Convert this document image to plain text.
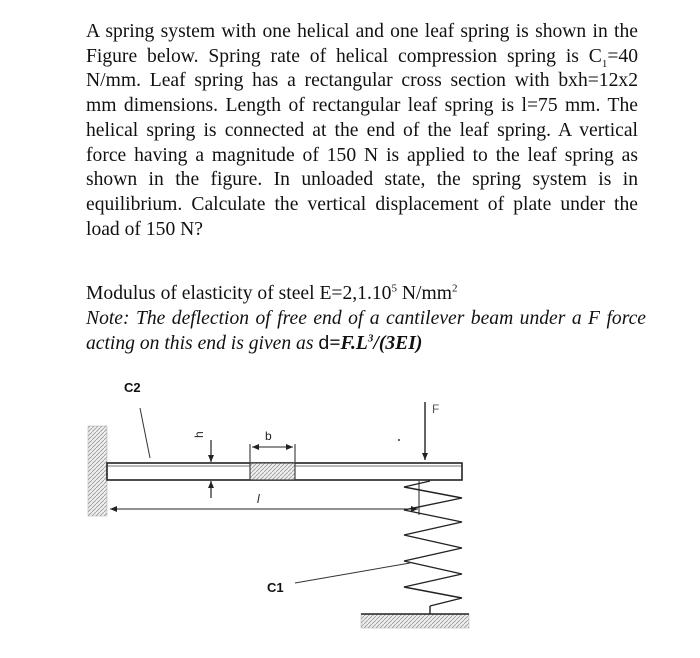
A spring system with one helical and one leaf spring is shown in the Figure below. Spring rate of helical compression spring is $C_1=40$ N/mm. Leaf spring has a rectangular cross section with bxh=12x2 mm dimensions. Length of rectangular leaf spring is l=75 mm. The helical spring is connected at the end of the leaf spring. A vertical force having a magnitude of 150 N is applied to the leaf spring as shown in the figure. In unloaded state, the spring system is in equilibrium. Calculate the vertical displacement of plate under the load of 150 N?

Modulus of elasticity of steel $E=2,1.10^5$ $N/mm^2$

Note: The deflection of free end of a cantilever beam under a F force acting on this end is given as $d=F.L^3/(3EI)$

C2
C1
F
h	b
l
